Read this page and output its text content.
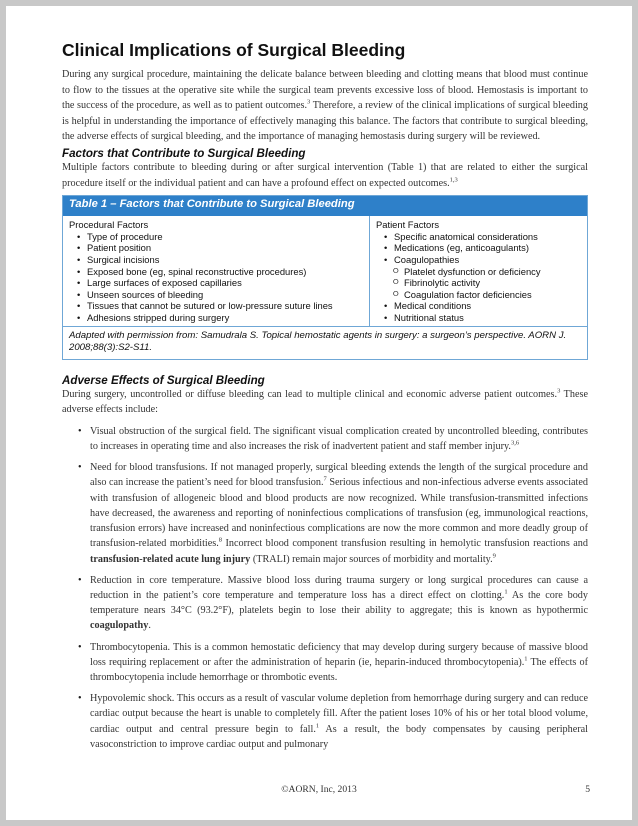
Clinical Implications of Surgical Bleeding

During any surgical procedure, maintaining the delicate balance between bleeding and clotting means that blood must continue to flow to the tissues at the operative site while the surgical team prevents excessive loss of blood. Hemostasis is important to the success of the procedure, as well as to patient outcomes.$^3$ Therefore, a review of the clinical implications of surgical bleeding is helpful in understanding the importance of effectively managing this balance. The factors that contribute to surgical bleeding, the adverse effects of surgical bleeding, and the importance of managing hemostasis during surgery will be reviewed.

Factors that Contribute to Surgical Bleeding

Multiple factors contribute to bleeding during or after surgical intervention (Table 1) that are related to either the surgical procedure itself or the individual patient and can have a profound effect on expected outcomes.$^{1,3}$

Table 1 – Factors that Contribute to Surgical Bleeding
Procedural Factors
• Type of procedure
• Patient position
• Surgical incisions
• Exposed bone (eg, spinal reconstructive procedures)
• Large surfaces of exposed capillaries
• Unseen sources of bleeding
• Tissues that cannot be sutured or low-pressure suture lines
• Adhesions stripped during surgery
Patient Factors
• Specific anatomical considerations
• Medications (eg, anticoagulants)
• Coagulopathies
⭘ Platelet dysfunction or deficiency
⭘ Fibrinolytic activity
⭘ Coagulation factor deficiencies
• Medical conditions
• Nutritional status
Adapted with permission from: Samudrala S. Topical hemostatic agents in surgery: a surgeon’s perspective. AORN J. 2008;88(3):S2-S11.
Adverse Effects of Surgical Bleeding

During surgery, uncontrolled or diffuse bleeding can lead to multiple clinical and economic adverse patient outcomes.$^3$ These adverse effects include:

• Visual obstruction of the surgical field. The significant visual complication created by uncontrolled bleeding, contributes to increases in operating time and also increases the risk of inadvertent patient and staff member injury.$^{3,6}$

• Need for blood transfusions. If not managed properly, surgical bleeding extends the length of the surgical procedure and also can increase the patient’s need for blood transfusion.$^7$ Serious infectious and non-infectious adverse events associated with transfusion of allogeneic blood and blood products are now recognized. While transfusion-transmitted infections have decreased, the awareness and reporting of noninfectious complications of transfusion (eg, immunological reactions, transfusion errors) have increased and noninfectious complications are now the more common and more deadly group of transfusion-related morbidities.$^8$ Incorrect blood component transfusion resulting in hemolytic transfusion reactions and transfusion-related acute lung injury (TRALI) remain major sources of morbidity and mortality.$^9$

• Reduction in core temperature. Massive blood loss during trauma surgery or long surgical procedures can cause a reduction in the patient’s core temperature and temperature loss has a direct effect on clotting.$^1$ As the core body temperature nears 34°C (93.2°F), platelets begin to lose their ability to aggregate; this is known as hypothermic coagulopathy.

• Thrombocytopenia. This is a common hemostatic deficiency that may develop during surgery because of massive blood loss requiring replacement or after the administration of heparin (ie, heparin-induced thrombocytopenia).$^1$ The effects of thrombocytopenia include hemorrhage or thrombotic events.

• Hypovolemic shock. This occurs as a result of vascular volume depletion from hemorrhage during surgery and can reduce cardiac output because the heart is unable to completely fill. After the patient loses 10% of his or her total blood volume, cardiac output and central pressure begin to fall.$^1$ As a result, the body compensates by causing peripheral vasoconstriction to improve cardiac output and pulmonary

©AORN, Inc, 2013	5
